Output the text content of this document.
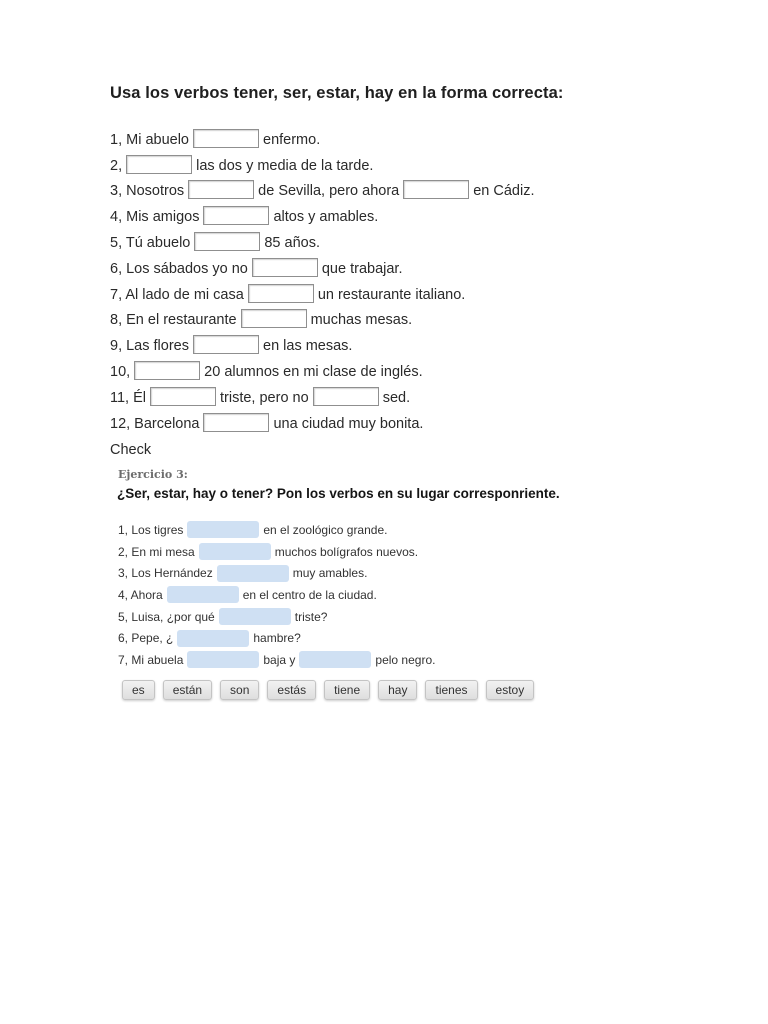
Usa los verbos tener, ser, estar, hay en la forma correcta:
1, Mi abuelo	enfermo.
2,	las dos y media de la tarde.
3, Nosotros	de Sevilla, pero ahora	en Cádiz.
4, Mis amigos	altos y amables.
5, Tú abuelo	85 años.
6, Los sábados yo no	que trabajar.
7, Al lado de mi casa	un restaurante italiano.
8, En el restaurante	muchas mesas.
9, Las flores	en las mesas.
10,	20 alumnos en mi clase de inglés.
11, Él	triste, pero no	sed.
12, Barcelona	una ciudad muy bonita.
Check
Ejercicio 3:
¿Ser, estar, hay o tener? Pon los verbos en su lugar corresponriente.
1, Los tigres	en el zoológico grande.
2, En mi mesa	muchos bolígrafos nuevos.
3, Los Hernández	muy amables.
4, Ahora	en el centro de la ciudad.
5, Luisa, ¿por qué	triste?
6, Pepe, ¿	hambre?
7, Mi abuela	baja y	pelo negro.
es	están	son	estás	tiene	hay	tienes	estoy
